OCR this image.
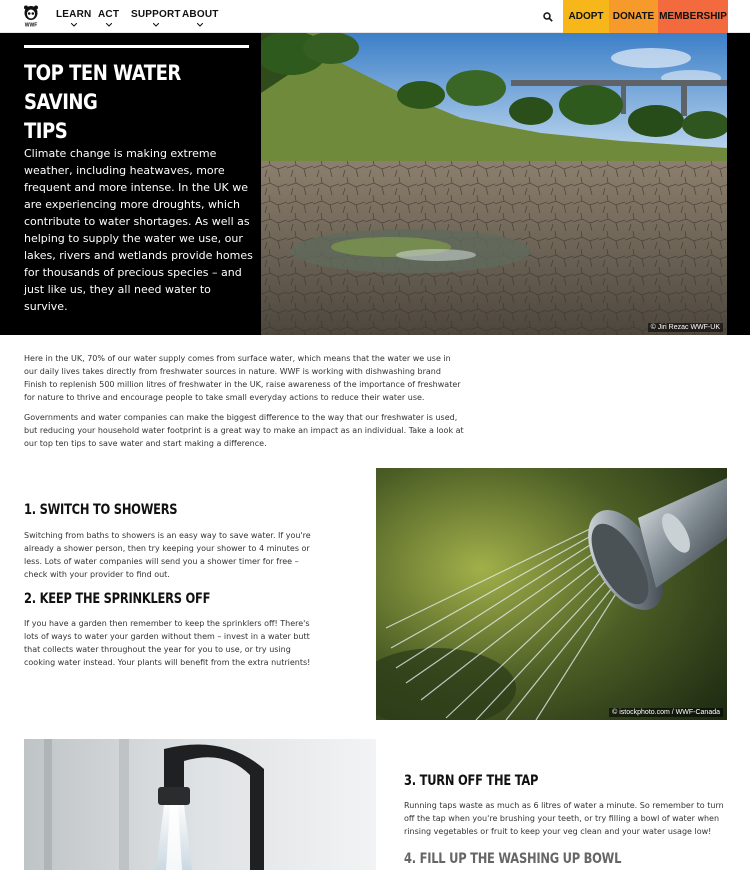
WWF
LEARN ACT SUPPORT ABOUT	ADOPT DONATE MEMBERSHIP
TOP TEN WATER SAVING
TIPS

Climate change is making extreme weather, including heatwaves, more frequent and more intense. In the UK we are experiencing more droughts, which contribute to water shortages. As well as helping to supply the water we use, our lakes, rivers and wetlands provide homes for thousands of precious species – and just like us, they all need water to survive.

© Jiri Rezac WWF-UK

Here in the UK, 70% of our water supply comes from surface water, which means that the water we use in our daily lives takes directly from freshwater sources in nature. WWF is working with dishwashing brand Finish to replenish 500 million litres of freshwater in the UK, raise awareness of the importance of freshwater for nature to thrive and encourage people to take small everyday actions to reduce their water use.

Governments and water companies can make the biggest difference to the way that our freshwater is used, but reducing your household water footprint is a great way to make an impact as an individual. Take a look at our top ten tips to save water and start making a difference.

1. SWITCH TO SHOWERS

Switching from baths to showers is an easy way to save water. If you're already a shower person, then try keeping your shower to 4 minutes or less. Lots of water companies will send you a shower timer for free – check with your provider to find out.

2. KEEP THE SPRINKLERS OFF

If you have a garden then remember to keep the sprinklers off! There's lots of ways to water your garden without them – invest in a water butt that collects water throughout the year for you to use, or try using cooking water instead. Your plants will benefit from the extra nutrients!

© istockphoto.com / WWF-Canada
3. TURN OFF THE TAP

Running taps waste as much as 6 litres of water a minute. So remember to turn off the tap when you're brushing your teeth, or try filling a bowl of water when rinsing vegetables or fruit to keep your veg clean and your water usage low!

4. FILL UP THE WASHING UP BOWL
